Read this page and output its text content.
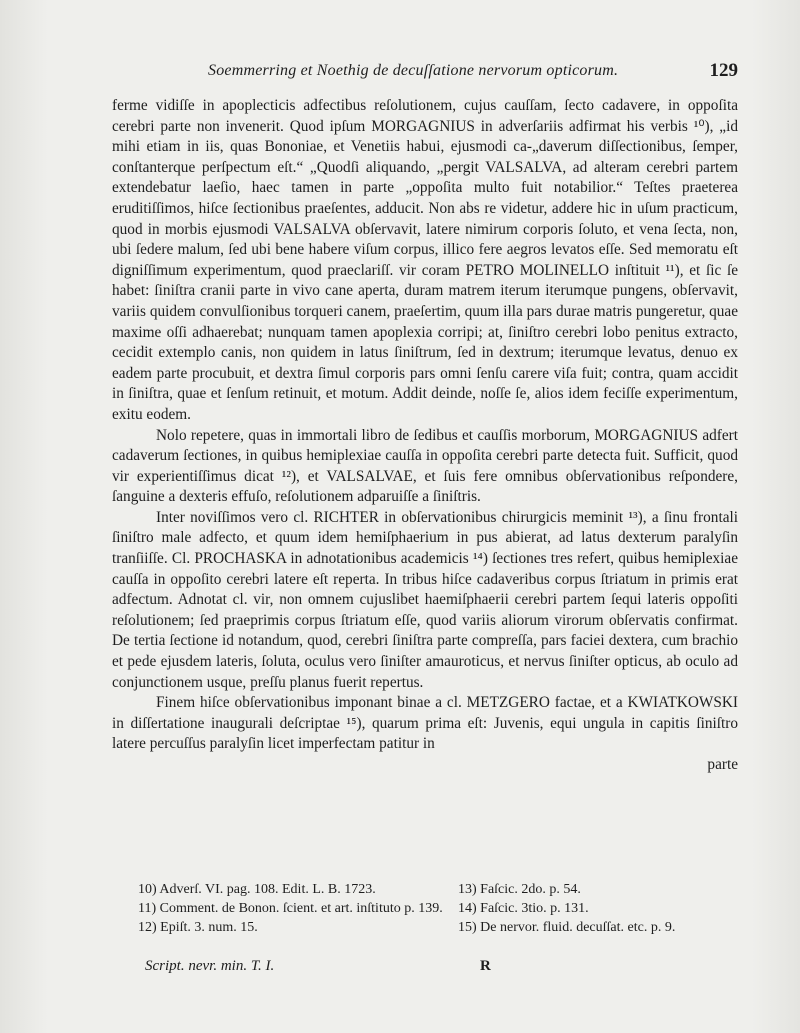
Soemmerring et Noethig de decuſſatione nervorum opticorum.	129

ferme vidiſſe in apoplecticis adfectibus reſolutionem, cujus cauſſam, ſecto cadavere, in oppoſita cerebri parte non invenerit. Quod ipſum MORGAGNIUS in adverſariis adfirmat his verbis ¹⁰), „id mihi etiam in iis, quas Bononiae, et Venetiis habui, ejusmodi ca-„daverum diſſectionibus, ſemper, conſtanterque perſpectum eſt.“ „Quodſi aliquando, „pergit VALSALVA, ad alteram cerebri partem extendebatur laeſio, haec tamen in parte „oppoſita multo fuit notabilior.“ Teſtes praeterea eruditiſſimos, hiſce ſectionibus praeſentes, adducit. Non abs re videtur, addere hic in uſum practicum, quod in morbis ejusmodi VALSALVA obſervavit, latere nimirum corporis ſoluto, et vena ſecta, non, ubi ſedere malum, ſed ubi bene habere viſum corpus, illico fere aegros levatos eſſe. Sed memoratu eſt digniſſimum experimentum, quod praeclariſſ. vir coram PETRO MOLINELLO inſtituit ¹¹), et ſic ſe habet: ſiniſtra cranii parte in vivo cane aperta, duram matrem iterum iterumque pungens, obſervavit, variis quidem convulſionibus torqueri canem, praeſertim, quum illa pars durae matris pungeretur, quae maxime oſſi adhaerebat; nunquam tamen apoplexia corripi; at, ſiniſtro cerebri lobo penitus extracto, cecidit extemplo canis, non quidem in latus ſiniſtrum, ſed in dextrum; iterumque levatus, denuo ex eadem parte procubuit, et dextra ſimul corporis pars omni ſenſu carere viſa fuit; contra, quam accidit in ſiniſtra, quae et ſenſum retinuit, et motum. Addit deinde, noſſe ſe, alios idem feciſſe experimentum, exitu eodem.

Nolo repetere, quas in immortali libro de ſedibus et cauſſis morborum, MORGAGNIUS adfert cadaverum ſectiones, in quibus hemiplexiae cauſſa in oppoſita cerebri parte detecta fuit. Sufficit, quod vir experientiſſimus dicat ¹²), et VALSALVAE, et ſuis fere omnibus obſervationibus reſpondere, ſanguine a dexteris effuſo, reſolutionem adparuiſſe a ſiniſtris.

Inter noviſſimos vero cl. RICHTER in obſervationibus chirurgicis meminit ¹³), a ſinu frontali ſiniſtro male adfecto, et quum idem hemiſphaerium in pus abierat, ad latus dexterum paralyſin tranſiiſſe. Cl. PROCHASKA in adnotationibus academicis ¹⁴) ſectiones tres refert, quibus hemiplexiae cauſſa in oppoſito cerebri latere eſt reperta. In tribus hiſce cadaveribus corpus ſtriatum in primis erat adfectum. Adnotat cl. vir, non omnem cujuslibet haemiſphaerii cerebri partem ſequi lateris oppoſiti reſolutionem; ſed praeprimis corpus ſtriatum eſſe, quod variis aliorum virorum obſervatis confirmat. De tertia ſectione id notandum, quod, cerebri ſiniſtra parte compreſſa, pars faciei dextera, cum brachio et pede ejusdem lateris, ſoluta, oculus vero ſiniſter amauroticus, et nervus ſiniſter opticus, ab oculo ad conjunctionem usque, preſſu planus fuerit repertus.

Finem hiſce obſervationibus imponant binae a cl. METZGERO factae, et a KWIATKOWSKI in diſſertatione inaugurali deſcriptae ¹⁵), quarum prima eſt: Juvenis, equi ungula in capitis ſiniſtro latere percuſſus paralyſin licet imperfectam patitur in

parte

10) Adverſ. VI. pag. 108. Edit. L. B. 1723.

11) Comment. de Bonon. ſcient. et art. inſtituto p. 139.

12) Epiſt. 3. num. 15.

13) Faſcic. 2do. p. 54.

14) Faſcic. 3tio. p. 131.

15) De nervor. fluid. decuſſat. etc. p. 9.

Script. nevr. min. T. I.	R
